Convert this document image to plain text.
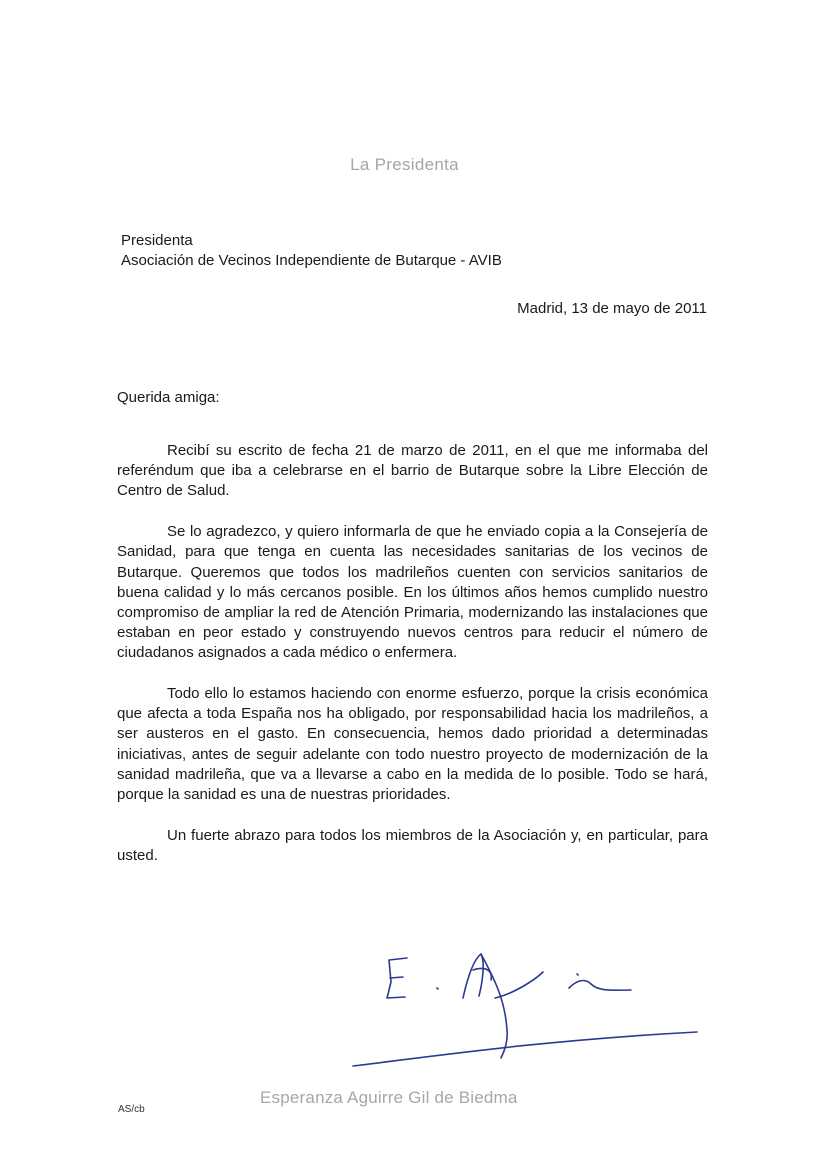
La Presidenta
Presidenta
Asociación de Vecinos Independiente de Butarque - AVIB
Madrid, 13 de mayo de 2011
Querida amiga:

Recibí su escrito de fecha 21 de marzo de 2011, en el que me informaba del referéndum que iba a celebrarse en el barrio de Butarque sobre la Libre Elección de Centro de Salud.

Se lo agradezco, y quiero informarla de que he enviado copia a la Consejería de Sanidad, para que tenga en cuenta las necesidades sanitarias de los vecinos de Butarque. Queremos que todos los madrileños cuenten con servicios sanitarios de buena calidad y lo más cercanos posible. En los últimos años hemos cumplido nuestro compromiso de ampliar la red de Atención Primaria, modernizando las instalaciones que estaban en peor estado y construyendo nuevos centros para reducir el número de ciudadanos asignados a cada médico o enfermera.

Todo ello lo estamos haciendo con enorme esfuerzo, porque la crisis económica que afecta a toda España nos ha obligado, por responsabilidad hacia los madrileños, a ser austeros en el gasto. En consecuencia, hemos dado prioridad a determinadas iniciativas, antes de seguir adelante con todo nuestro proyecto de modernización de la sanidad madrileña, que va a llevarse a cabo en la medida de lo posible. Todo se hará, porque la sanidad es una de nuestras prioridades.

Un fuerte abrazo para todos los miembros de la Asociación y, en particular, para usted.

Esperanza Aguirre Gil de Biedma
AS/cb
